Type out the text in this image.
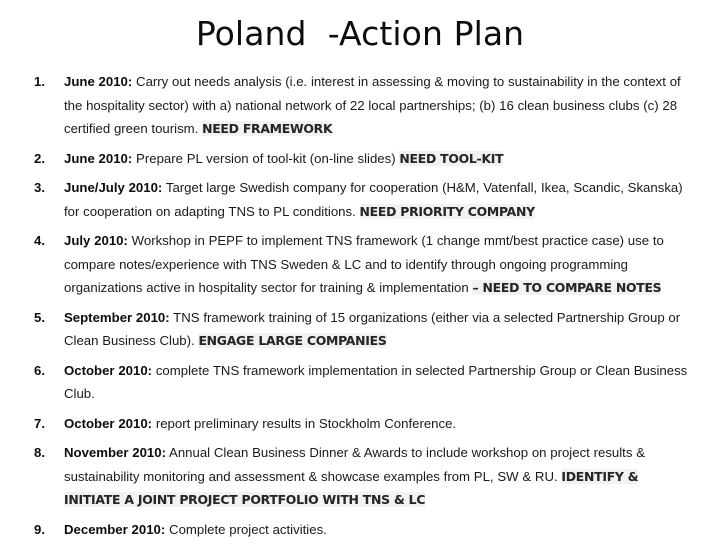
Poland  -Action Plan
1.	June 2010: Carry out needs analysis (i.e. interest in assessing & moving to sustainability in the context of the hospitality sector) with a) national network of 22 local partnerships; (b) 16 clean business clubs (c) 28 certified green tourism. NEED FRAMEWORK
2.	June 2010: Prepare PL version of tool-kit (on-line slides) NEED TOOL-KIT
3.	June/July 2010: Target large Swedish company for cooperation (H&M, Vatenfall, Ikea, Scandic, Skanska) for cooperation on adapting TNS to PL conditions. NEED PRIORITY COMPANY
4.	July 2010: Workshop in PEPF to implement TNS framework (1 change mmt/best practice case) use to compare notes/experience with TNS Sweden & LC and to identify through ongoing programming organizations active in hospitality sector for training & implementation – NEED TO COMPARE NOTES
5.	September 2010: TNS framework training of 15 organizations (either via a selected Partnership Group or Clean Business Club). ENGAGE LARGE COMPANIES
6.	October 2010: complete TNS framework implementation in selected Partnership Group or Clean Business Club.
7.	October 2010: report preliminary results in Stockholm Conference.
8.	November 2010: Annual Clean Business Dinner & Awards to include workshop on project results & sustainability monitoring and assessment & showcase examples from PL, SW & RU. IDENTIFY & INITIATE A JOINT PROJECT PORTFOLIO WITH TNS & LC
9.	December 2010: Complete project activities.
